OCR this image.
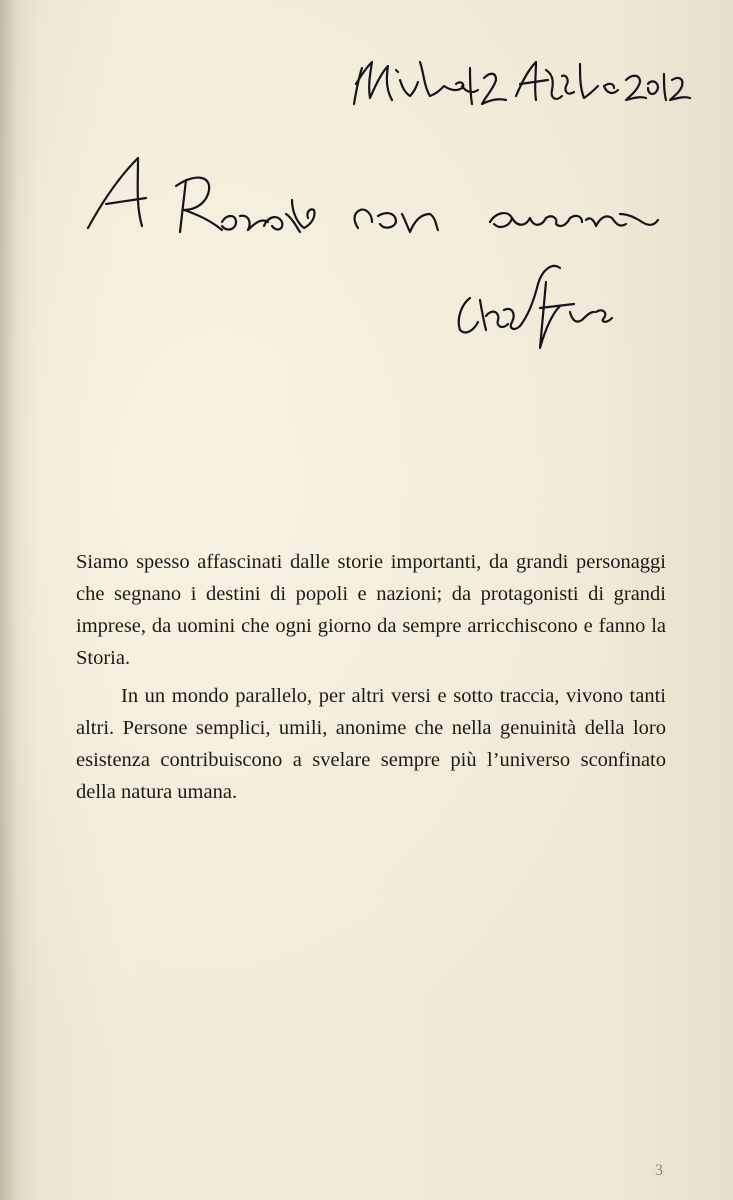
Siamo spesso affascinati dalle storie importanti, da grandi personaggi che segnano i destini di popoli e nazioni; da protagonisti di grandi imprese, da uomini che ogni giorno da sempre arricchiscono e fanno la Storia.

In un mondo parallelo, per altri versi e sotto traccia, vivono tanti altri. Persone semplici, umili, anonime che nella genuinità della loro esistenza contribuiscono a svelare sempre più l’universo sconfinato della natura umana.

3
